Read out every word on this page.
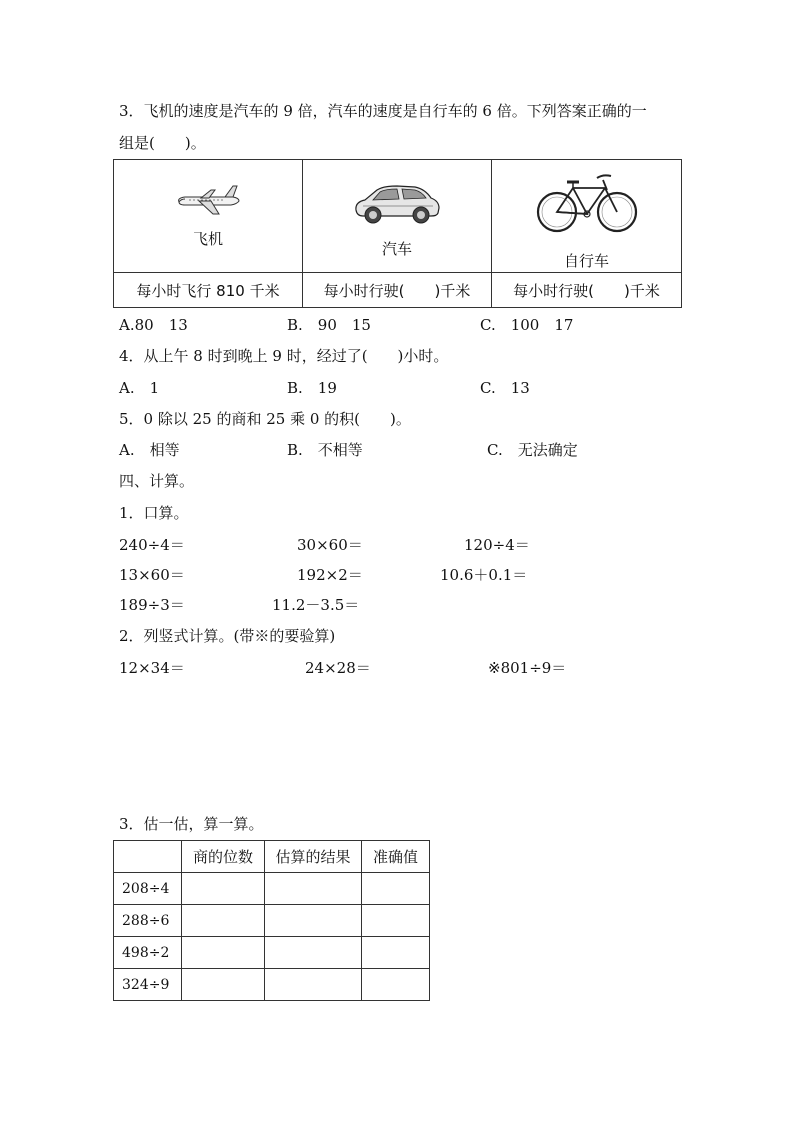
3．飞机的速度是汽车的 9 倍，汽车的速度是自行车的 6 倍。下列答案正确的一
组是(　　)。
飞机	汽车	自行车

每小时飞行 810 千米	每小时行驶(　　)千米	每小时行驶(　　)千米
A.80　13	B.　90　15	C.　100　17
4．从上午 8 时到晚上 9 时，经过了(　　)小时。
A.　1	B.　19	C.　13
5．0 除以 25 的商和 25 乘 0 的积(　　)。
A.　相等	B.　不相等	C.　无法确定
四、计算。
1．口算。
240÷4＝	30×60＝	120÷4＝
13×60＝	192×2＝	10.6＋0.1＝
189÷3＝	11.2－3.5＝
2．列竖式计算。(带※的要验算)
12×34＝	24×28＝	※801÷9＝
3．估一估，算一算。
	商的位数	估算的结果	准确值
208÷4			
288÷6			
498÷2			
324÷9			
